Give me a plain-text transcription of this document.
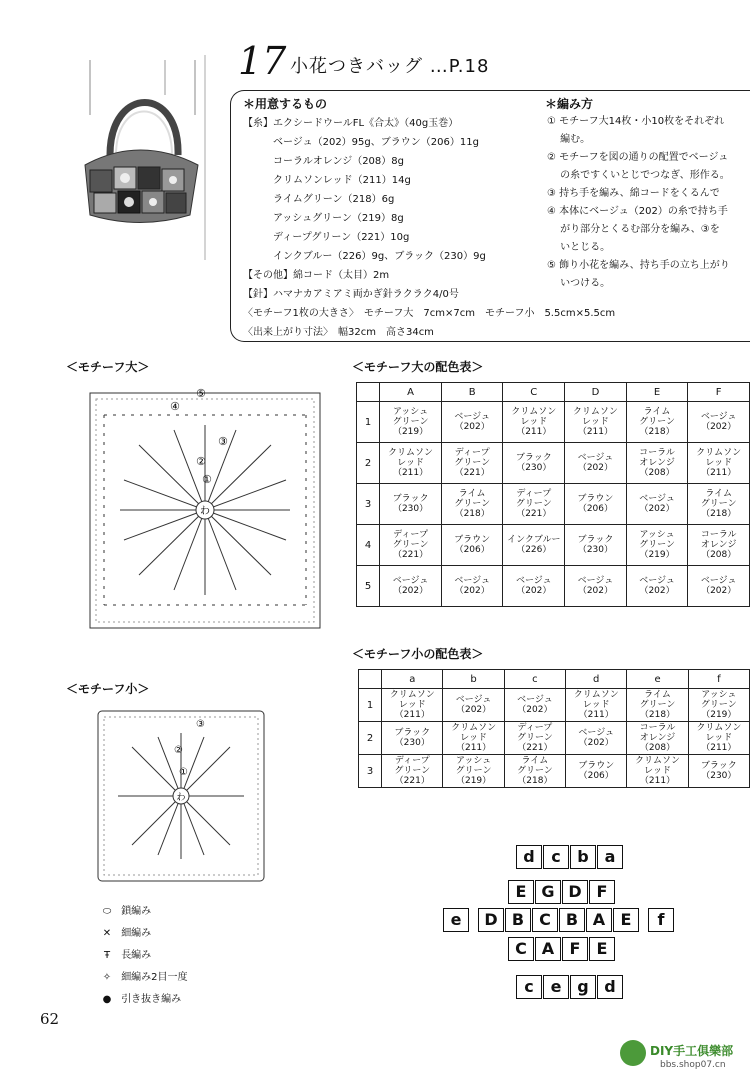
17 小花つきバッグ …P.18
＊用意するもの
【糸】エクシードウールFL《合太》（40g玉巻）
ベージュ（202）95g、ブラウン（206）11g
コーラルオレンジ（208）8g
クリムソンレッド（211）14g
ライムグリーン（218）6g
アッシュグリーン（219）8g
ディープグリーン（221）10g
インクブルー（226）9g、ブラック（230）9g
【その他】綿コード（太目）2m
【針】ハマナカアミアミ両かぎ針ラクラク4/0号
〈モチーフ1枚の大きさ〉　モチーフ大　7cm×7cm　モチーフ小　5.5cm×5.5cm
〈出来上がり寸法〉　幅32cm　高さ34cm
＊編み方
① モチーフ大14枚・小10枚をそれぞれ
　 編む。
② モチーフを図の通りの配置でベージュ
　 の糸ですくいとじでつなぎ、形作る。
③ 持ち手を編み、綿コードをくるんで
④ 本体にベージュ（202）の糸で持ち手
　 がり部分とくるむ部分を編み、③を
　 いとじる。
⑤ 飾り小花を編み、持ち手の立ち上がり
　 いつける。
＜モチーフ大＞
わ
①
②
③
④
⑤
＜モチーフ小＞
わ
①
②
③
＜モチーフ大の配色表＞
	A	B	C	D	E	F
1	アッシュ
グリーン
（219）	ベージュ
（202）	クリムソン
レッド
（211）	クリムソン
レッド
（211）	ライム
グリーン
（218）	ベージュ
（202）

2	クリムソン
レッド
（211）	ディープ
グリーン
（221）	ブラック
（230）	ベージュ
（202）	コーラル
オレンジ
（208）	クリムソン
レッド
（211）

3	ブラック
（230）	ライム
グリーン
（218）	ディープ
グリーン
（221）	ブラウン
（206）	ベージュ
（202）	ライム
グリーン
（218）

4	ディープ
グリーン
（221）	ブラウン
（206）	インクブルー
（226）	ブラック
（230）	アッシュ
グリーン
（219）	コーラル
オレンジ
（208）

5	ベージュ
（202）	ベージュ
（202）	ベージュ
（202）	ベージュ
（202）	ベージュ
（202）	ベージュ
（202）
＜モチーフ小の配色表＞
	a	b	c	d	e	f
1	クリムソン
レッド
（211）	ベージュ
（202）	ベージュ
（202）	クリムソン
レッド
（211）	ライム
グリーン
（218）	アッシュ
グリーン
（219）

2	ブラック
（230）	クリムソン
レッド
（211）	ディープ
グリーン
（221）	ベージュ
（202）	コーラル
オレンジ
（208）	クリムソン
レッド
（211）

3	ディープ
グリーン
（221）	アッシュ
グリーン
（219）	ライム
グリーン
（218）	ブラウン
（206）	クリムソン
レッド
（211）	ブラック
（230）
d	c	b a
E G D F
e	D B C B A E	f
C A F	E
c	e g d
⬭ 鎖編み
✕ 細編み
Ŧ 長編み
✧ 細編み2目一度
● 引き抜き編み
62
DIY手工俱樂部
bbs.shop07.cn
